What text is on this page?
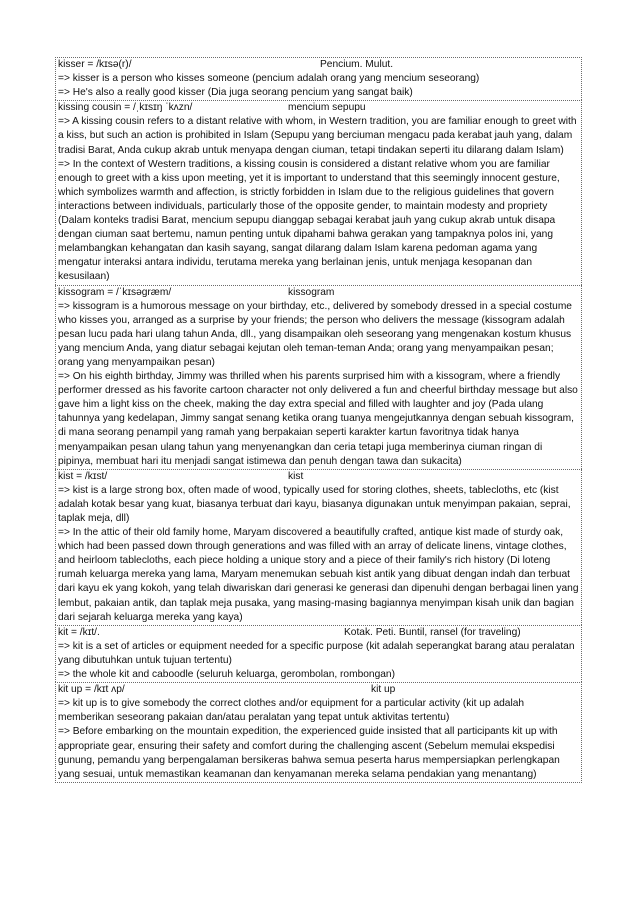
kisser = /kɪsə(r)/	Pencium. Mulut.

=> kisser is a person who kisses someone (pencium adalah orang yang mencium seseorang)

=> He's also a really good kisser (Dia juga seorang pencium yang sangat baik)

kissing cousin = /ˌkɪsɪŋ ˈkʌzn/	mencium sepupu

=> A kissing cousin refers to a distant relative with whom, in Western tradition, you are familiar enough to greet with a kiss, but such an action is prohibited in Islam (Sepupu yang berciuman mengacu pada kerabat jauh yang, dalam tradisi Barat, Anda cukup akrab untuk menyapa dengan ciuman, tetapi tindakan seperti itu dilarang dalam Islam)

=> In the context of Western traditions, a kissing cousin is considered a distant relative whom you are familiar enough to greet with a kiss upon meeting, yet it is important to understand that this seemingly innocent gesture, which symbolizes warmth and affection, is strictly forbidden in Islam due to the religious guidelines that govern interactions between individuals, particularly those of the opposite gender, to maintain modesty and propriety (Dalam konteks tradisi Barat, mencium sepupu dianggap sebagai kerabat jauh yang cukup akrab untuk disapa dengan ciuman saat bertemu, namun penting untuk dipahami bahwa gerakan yang tampaknya polos ini, yang melambangkan kehangatan dan kasih sayang, sangat dilarang dalam Islam karena pedoman agama yang mengatur interaksi antara individu, terutama mereka yang berlainan jenis, untuk menjaga kesopanan dan kesusilaan)

kissogram = /ˈkɪsəɡræm/	kissogram

=> kissogram is a humorous message on your birthday, etc., delivered by somebody dressed in a special costume who kisses you, arranged as a surprise by your friends; the person who delivers the message (kissogram adalah pesan lucu pada hari ulang tahun Anda, dll., yang disampaikan oleh seseorang yang mengenakan kostum khusus yang mencium Anda, yang diatur sebagai kejutan oleh teman-teman Anda; orang yang menyampaikan pesan; orang yang menyampaikan pesan)

=> On his eighth birthday, Jimmy was thrilled when his parents surprised him with a kissogram, where a friendly performer dressed as his favorite cartoon character not only delivered a fun and cheerful birthday message but also gave him a light kiss on the cheek, making the day extra special and filled with laughter and joy (Pada ulang tahunnya yang kedelapan, Jimmy sangat senang ketika orang tuanya mengejutkannya dengan sebuah kissogram, di mana seorang penampil yang ramah yang berpakaian seperti karakter kartun favoritnya tidak hanya menyampaikan pesan ulang tahun yang menyenangkan dan ceria tetapi juga memberinya ciuman ringan di pipinya, membuat hari itu menjadi sangat istimewa dan penuh dengan tawa dan sukacita)

kist = /kɪst/	kist

=> kist is a large strong box, often made of wood, typically used for storing clothes, sheets, tablecloths, etc (kist adalah kotak besar yang kuat, biasanya terbuat dari kayu, biasanya digunakan untuk menyimpan pakaian, seprai, taplak meja, dll)

=> In the attic of their old family home, Maryam discovered a beautifully crafted, antique kist made of sturdy oak, which had been passed down through generations and was filled with an array of delicate linens, vintage clothes, and heirloom tablecloths, each piece holding a unique story and a piece of their family's rich history (Di loteng rumah keluarga mereka yang lama, Maryam menemukan sebuah kist antik yang dibuat dengan indah dan terbuat dari kayu ek yang kokoh, yang telah diwariskan dari generasi ke generasi dan dipenuhi dengan berbagai linen yang lembut, pakaian antik, dan taplak meja pusaka, yang masing-masing bagiannya menyimpan kisah unik dan bagian dari sejarah keluarga mereka yang kaya)

kit = /kɪt/.	Kotak. Peti. Buntil, ransel (for traveling)

=> kit is a set of articles or equipment needed for a specific purpose (kit adalah seperangkat barang atau peralatan yang dibutuhkan untuk tujuan tertentu)

=> the whole kit and caboodle (seluruh keluarga, gerombolan, rombongan)

kit up = /kɪt ʌp/	kit up

=> kit up is to give somebody the correct clothes and/or equipment for a particular activity (kit up adalah memberikan seseorang pakaian dan/atau peralatan yang tepat untuk aktivitas tertentu)

=> Before embarking on the mountain expedition, the experienced guide insisted that all participants kit up with appropriate gear, ensuring their safety and comfort during the challenging ascent (Sebelum memulai ekspedisi gunung, pemandu yang berpengalaman bersikeras bahwa semua peserta harus mempersiapkan perlengkapan yang sesuai, untuk memastikan keamanan dan kenyamanan mereka selama pendakian yang menantang)
